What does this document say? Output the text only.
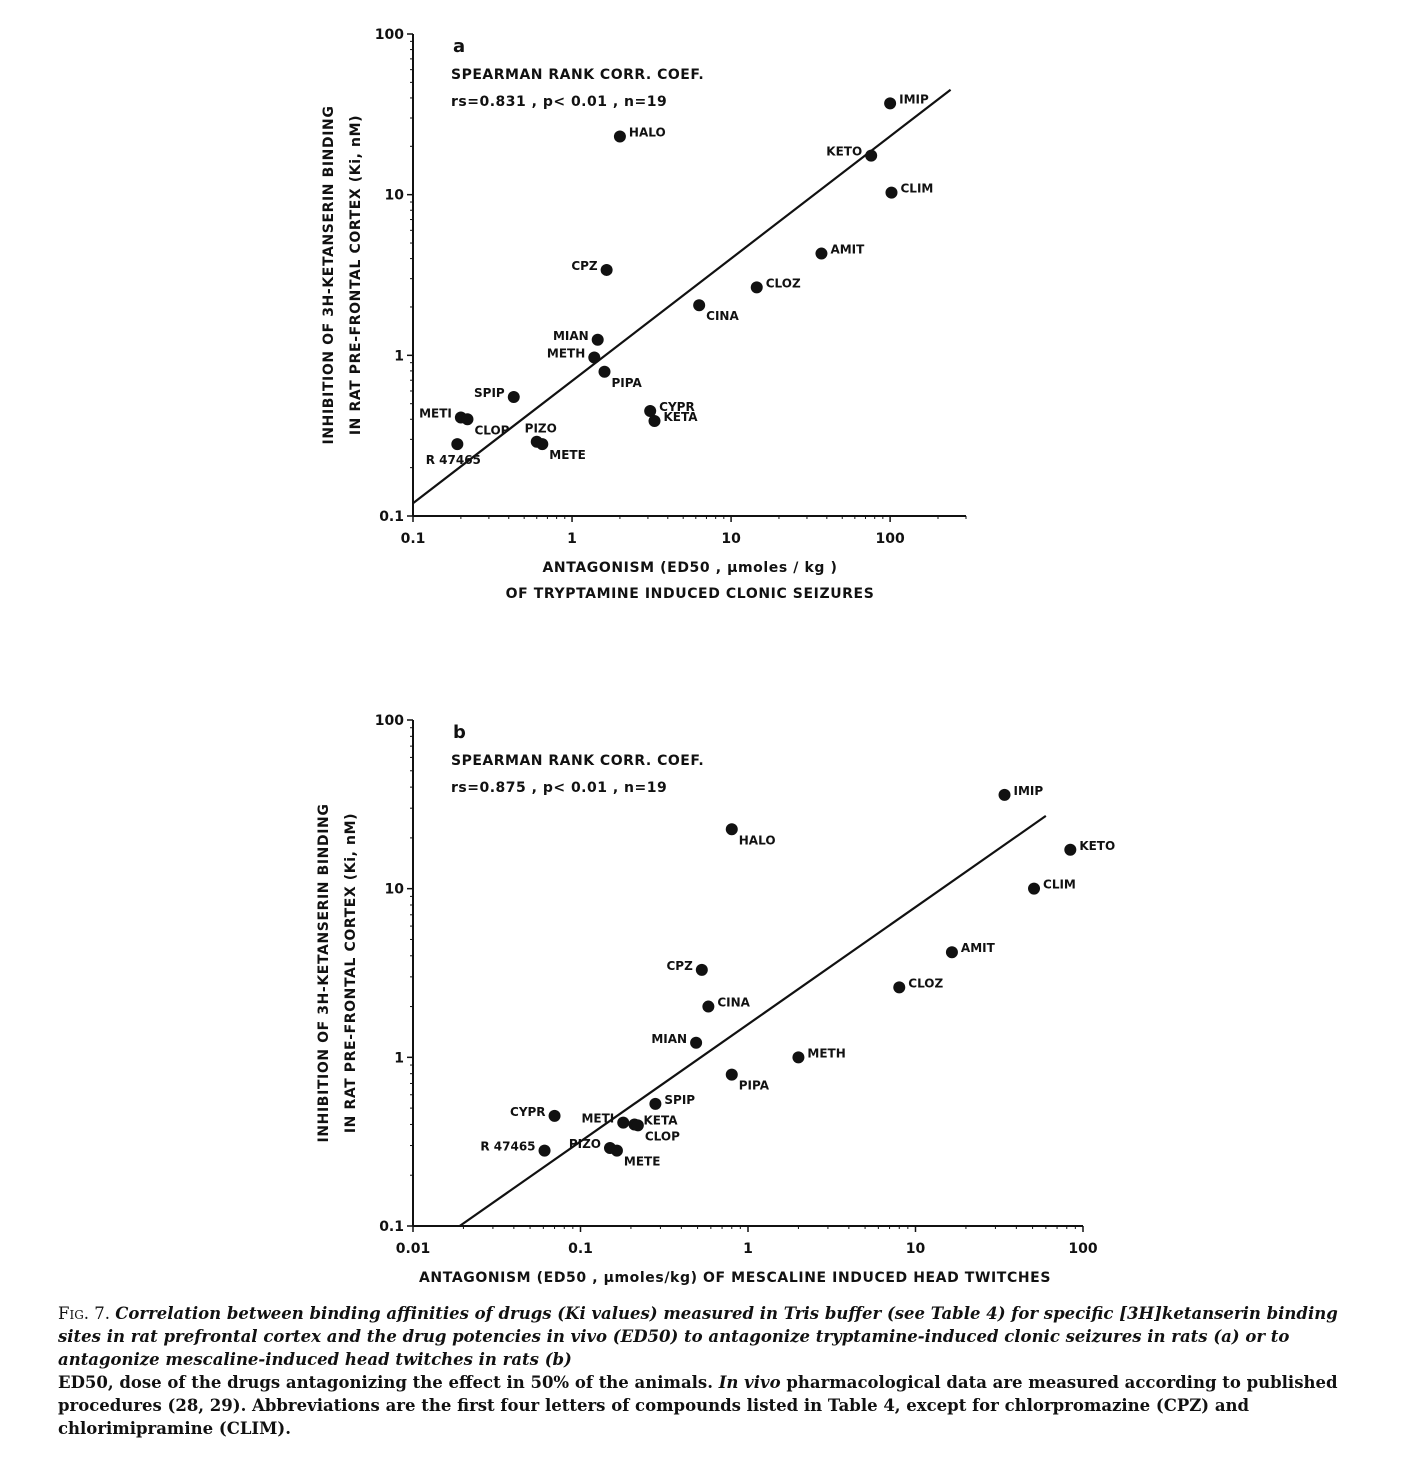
0.1
1
10
100
0.1	1	10	100
IMIP
HALO
KETO
CLIM
AMIT
CPZ
CLOZ
CINA
MIAN
METH
PIPA
SPIP
METI
CLOP
CYPR
KETA
PIZO
METE
R 47465
a
SPEARMAN RANK CORR. COEF.
rs=0.831 , p< 0.01 , n=19
ANTAGONISM (ED50 , µmoles / kg )
OF TRYPTAMINE INDUCED CLONIC SEIZURES
INHIBITION OF 3H-KETANSERIN BINDING IN RAT PRE-FRONTAL CORTEX (Ki, nM)
0.1
1
10
100
0.01	0.1	1	10	100
IMIP
HALO	KETO
CLIM
AMIT
CPZ
CLOZ
CINA
MIAN
METH
PIPA
SPIP
CYPR	METI KETA
CLOP
PIZO
METE
R 47465
b
SPEARMAN RANK CORR. COEF.
rs=0.875 , p< 0.01 , n=19
ANTAGONISM (ED50 , µmoles/kg) OF MESCALINE INDUCED HEAD TWITCHES
INHIBITION OF 3H-KETANSERIN BINDING IN RAT PRE-FRONTAL CORTEX (Ki, nM)

Fig. 7. Correlation between binding affinities of drugs (Ki values) measured in Tris buffer (see Table 4) for specific [3H]ketanserin binding sites in rat prefrontal cortex and the drug potencies in vivo (ED50) to antagonize tryptamine-induced clonic seizures in rats (a) or to antagonize mescaline-induced head twitches in rats (b)

ED50, dose of the drugs antagonizing the effect in 50% of the animals. In vivo pharmacological data are measured according to published procedures (28, 29). Abbreviations are the first four letters of compounds listed in Table 4, except for chlorpromazine (CPZ) and chlorimipramine (CLIM).
